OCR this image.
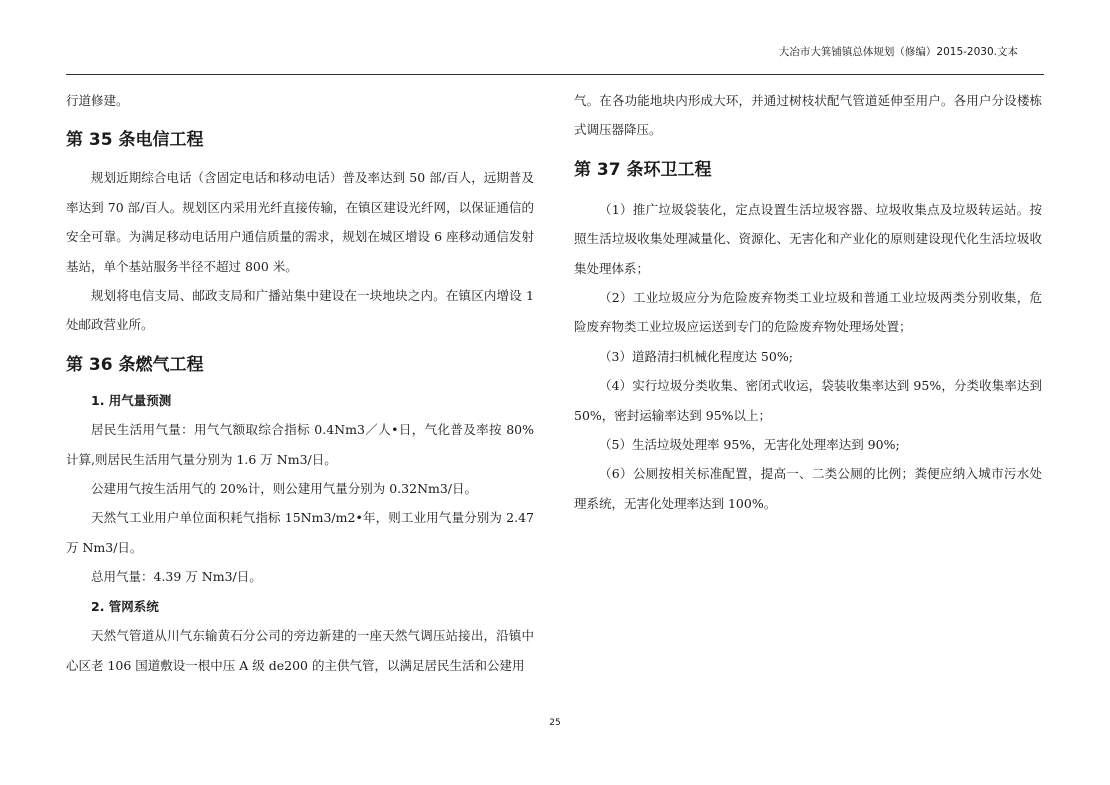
大冶市大箕铺镇总体规划（修编）2015-2030.文本

行道修建。

第 35 条电信工程

规划近期综合电话（含固定电话和移动电话）普及率达到 50 部/百人，远期普及率达到 70 部/百人。规划区内采用光纤直接传输，在镇区建设光纤网，以保证通信的安全可靠。为满足移动电话用户通信质量的需求，规划在城区增设 6 座移动通信发射基站，单个基站服务半径不超过 800 米。

规划将电信支局、邮政支局和广播站集中建设在一块地块之内。在镇区内增设 1 处邮政营业所。

第 36 条燃气工程
1. 用气量预测

居民生活用气量：用气气额取综合指标 0.4Nm3／人•日，气化普及率按 80%计算,则居民生活用气量分别为 1.6 万 Nm3/日。

公建用气按生活用气的 20%计，则公建用气量分别为 0.32Nm3/日。

天然气工业用户单位面积耗气指标 15Nm3/m2•年，则工业用气量分别为 2.47 万 Nm3/日。

总用气量：4.39 万 Nm3/日。

2. 管网系统

天然气管道从川气东输黄石分公司的旁边新建的一座天然气调压站接出，沿镇中心区老 106 国道敷设一根中压 A 级 de200 的主供气管，以满足居民生活和公建用

气。在各功能地块内形成大环，并通过树枝状配气管道延伸至用户。各用户分设楼栋式调压器降压。

第 37 条环卫工程

（1）推广垃圾袋装化，定点设置生活垃圾容器、垃圾收集点及垃圾转运站。按照生活垃圾收集处理减量化、资源化、无害化和产业化的原则建设现代化生活垃圾收集处理体系；

（2）工业垃圾应分为危险废弃物类工业垃圾和普通工业垃圾两类分别收集，危险废弃物类工业垃圾应运送到专门的危险废弃物处理场处置；

（3）道路清扫机械化程度达 50%;

（4）实行垃圾分类收集、密闭式收运，袋装收集率达到 95%，分类收集率达到 50%，密封运输率达到 95%以上；

（5）生活垃圾处理率 95%，无害化处理率达到 90%;

（6）公厕按相关标准配置，提高一、二类公厕的比例；粪便应纳入城市污水处理系统，无害化处理率达到 100%。

25
